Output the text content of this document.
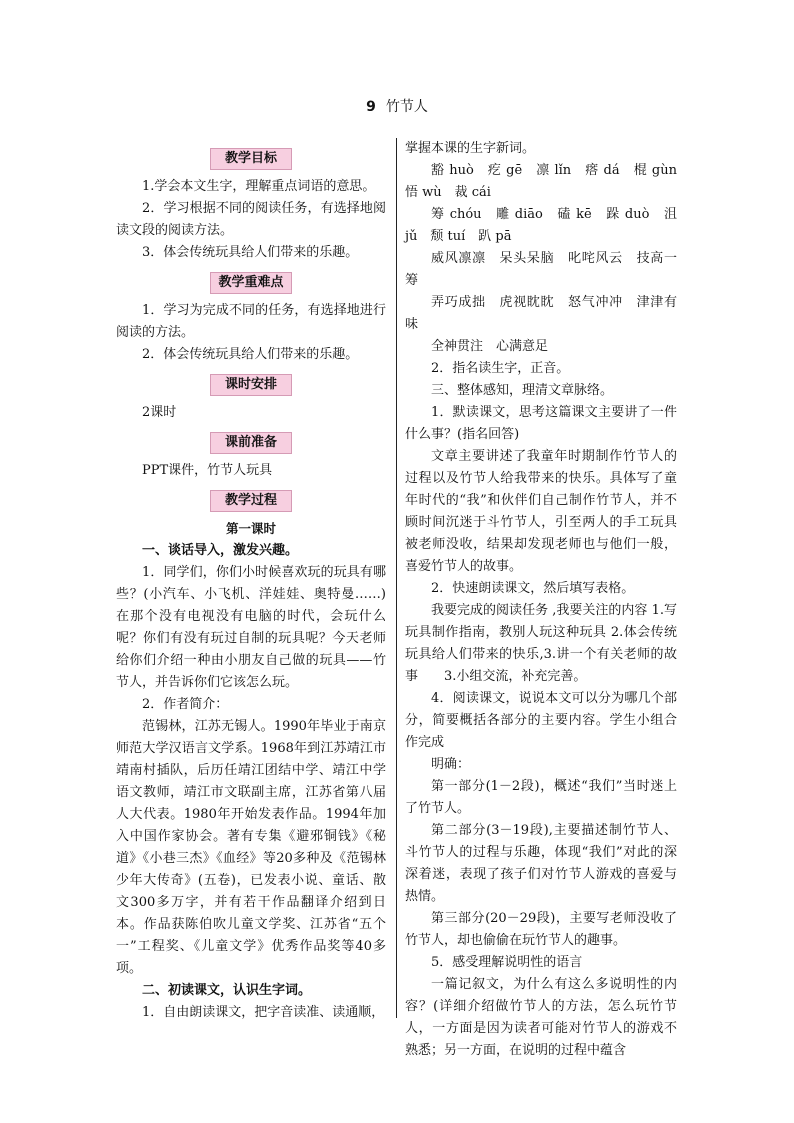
9 竹节人
教学目标

1.学会本文生字，理解重点词语的意思。

2．学习根据不同的阅读任务，有选择地阅读文段的阅读方法。

3．体会传统玩具给人们带来的乐趣。

教学重难点

1．学习为完成不同的任务，有选择地进行阅读的方法。

2．体会传统玩具给人们带来的乐趣。

课时安排

2课时

课前准备

PPT课件，竹节人玩具

教学过程

第一课时

一、谈话导入，激发兴趣。

1．同学们，你们小时候喜欢玩的玩具有哪些？(小汽车、小飞机、洋娃娃、奥特曼……)在那个没有电视没有电脑的时代，会玩什么呢？你们有没有玩过自制的玩具呢？今天老师给你们介绍一种由小朋友自己做的玩具——竹节人，并告诉你们它该怎么玩。

2．作者简介：

范锡林，江苏无锡人。1990年毕业于南京师范大学汉语言文学系。1968年到江苏靖江市靖南村插队，后历任靖江团结中学、靖江中学语文教师，靖江市文联副主席，江苏省第八届人大代表。1980年开始发表作品。1994年加入中国作家协会。著有专集《避邪铜钱》《秘道》《小巷三杰》《血经》等20多种及《范锡林少年大传奇》(五卷)，已发表小说、童话、散文300多万字，并有若干作品翻译介绍到日本。作品获陈伯吹儿童文学奖、江苏省“五个一”工程奖、《儿童文学》优秀作品奖等40多项。

二、初读课文，认识生字词。

1．自由朗读课文，把字音读准、读通顺，

掌握本课的生字新词。

豁 huò　疙 gē　凛 lǐn　瘩 dá　棍 gùn　悟 wù　裁 cái

筹 chóu　雕 diāo　磕 kē　跺 duò　沮 jǔ　颓 tuí　趴 pā

威风凛凛　呆头呆脑　叱咤风云　技高一筹

弄巧成拙　虎视眈眈　怒气冲冲　津津有味

全神贯注　心满意足

2．指名读生字，正音。

三、整体感知，理清文章脉络。

1．默读课文，思考这篇课文主要讲了一件什么事？(指名回答)

文章主要讲述了我童年时期制作竹节人的过程以及竹节人给我带来的快乐。具体写了童年时代的“我”和伙伴们自己制作竹节人，并不顾时间沉迷于斗竹节人，引至两人的手工玩具被老师没收，结果却发现老师也与他们一般，喜爱竹节人的故事。

2．快速朗读课文，然后填写表格。

我要完成的阅读任务 ,我要关注的内容 1.写玩具制作指南，教别人玩这种玩具 2.体会传统玩具给人们带来的快乐,3.讲一个有关老师的故事　　3.小组交流，补充完善。

4．阅读课文，说说本文可以分为哪几个部分，简要概括各部分的主要内容。学生小组合作完成

明确：

第一部分(1－2段)，概述“我们”当时迷上了竹节人。

第二部分(3－19段),主要描述制竹节人、斗竹节人的过程与乐趣，体现“我们”对此的深深着迷，表现了孩子们对竹节人游戏的喜爱与热情。

第三部分(20－29段)，主要写老师没收了竹节人，却也偷偷在玩竹节人的趣事。

5．感受理解说明性的语言

一篇记叙文，为什么有这么多说明性的内容？(详细介绍做竹节人的方法，怎么玩竹节人，一方面是因为读者可能对竹节人的游戏不熟悉；另一方面，在说明的过程中蕴含
